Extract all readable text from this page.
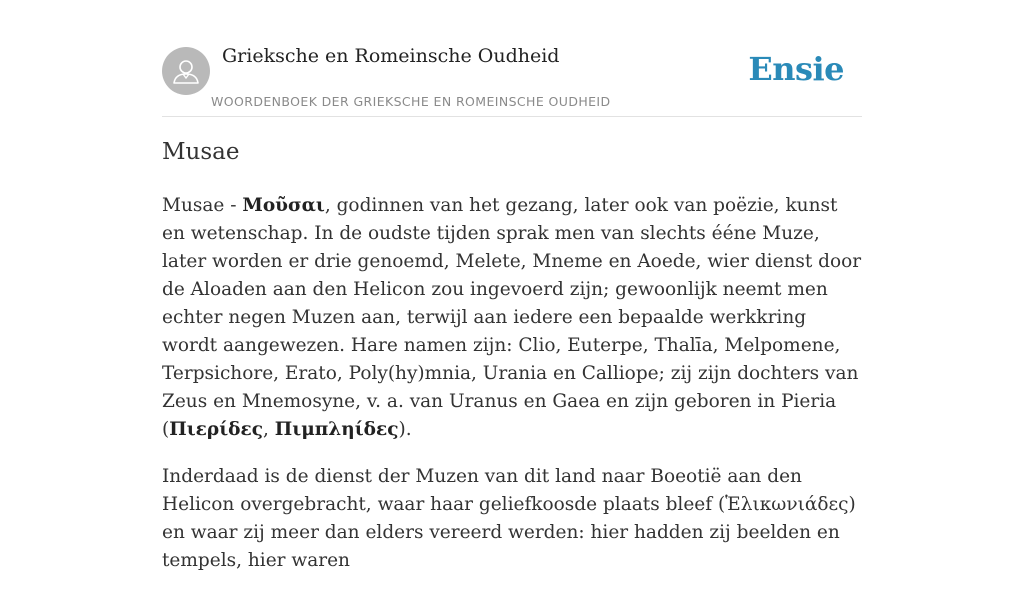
Grieksche en Romeinsche Oudheid
WOORDENBOEK DER GRIEKSCHE EN ROMEINSCHE OUDHEID
Ensie
Musae

Musae - Μοῦσαι, godinnen van het gezang, later ook van poëzie, kunst en wetenschap. In de oudste tijden sprak men van slechts ééne Muze, later worden er drie genoemd, Melete, Mneme en Aoede, wier dienst door de Aloaden aan den Helicon zou ingevoerd zijn; gewoonlijk neemt men echter negen Muzen aan, terwijl aan iedere een bepaalde werkkring wordt aangewezen. Hare namen zijn: Clio, Euterpe, Thalīa, Melpomene, Terpsichore, Erato, Poly(hy)mnia, Urania en Calliope; zij zijn dochters van Zeus en Mnemosyne, v. a. van Uranus en Gaea en zijn geboren in Pieria (Πιερίδες, Πιμπληίδες).

Inderdaad is de dienst der Muzen van dit land naar Boeotië aan den Helicon overgebracht, waar haar geliefkoosde plaats bleef (Ἑλικωνιάδες) en waar zij meer dan elders vereerd werden: hier hadden zij beelden en tempels, hier waren
